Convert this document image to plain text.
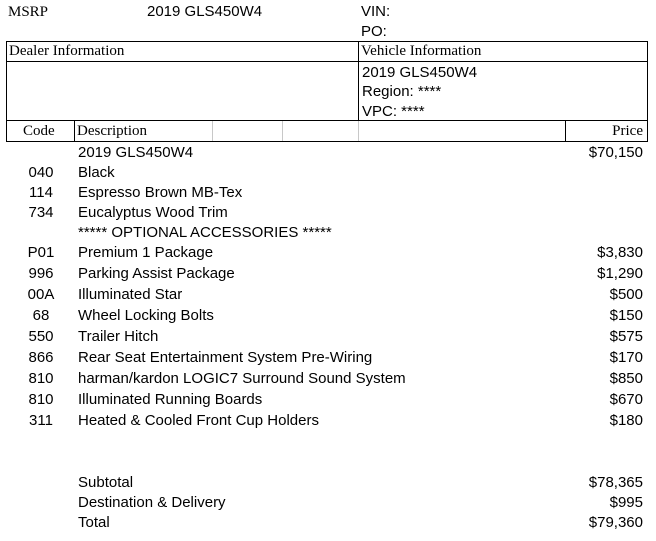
MSRP	2019 GLS450W4	VIN:
PO:
Dealer Information	Vehicle Information
2019 GLS450W4
Region: ****
VPC: ****
Code Description	Price
2019 GLS450W4	$70,150
040	Black
114	Espresso Brown MB-Tex
734	Eucalyptus Wood Trim
***** OPTIONAL ACCESSORIES *****
P01	Premium 1 Package	$3,830
996	Parking Assist Package	$1,290
00A	Illuminated Star	$500
68	Wheel Locking Bolts	$150
550	Trailer Hitch	$575
866	Rear Seat Entertainment System Pre-Wiring	$170
810	harman/kardon LOGIC7 Surround Sound System	$850
810	Illuminated Running Boards	$670
311	Heated & Cooled Front Cup Holders	$180
Subtotal	$78,365
Destination & Delivery	$995
Total	$79,360
